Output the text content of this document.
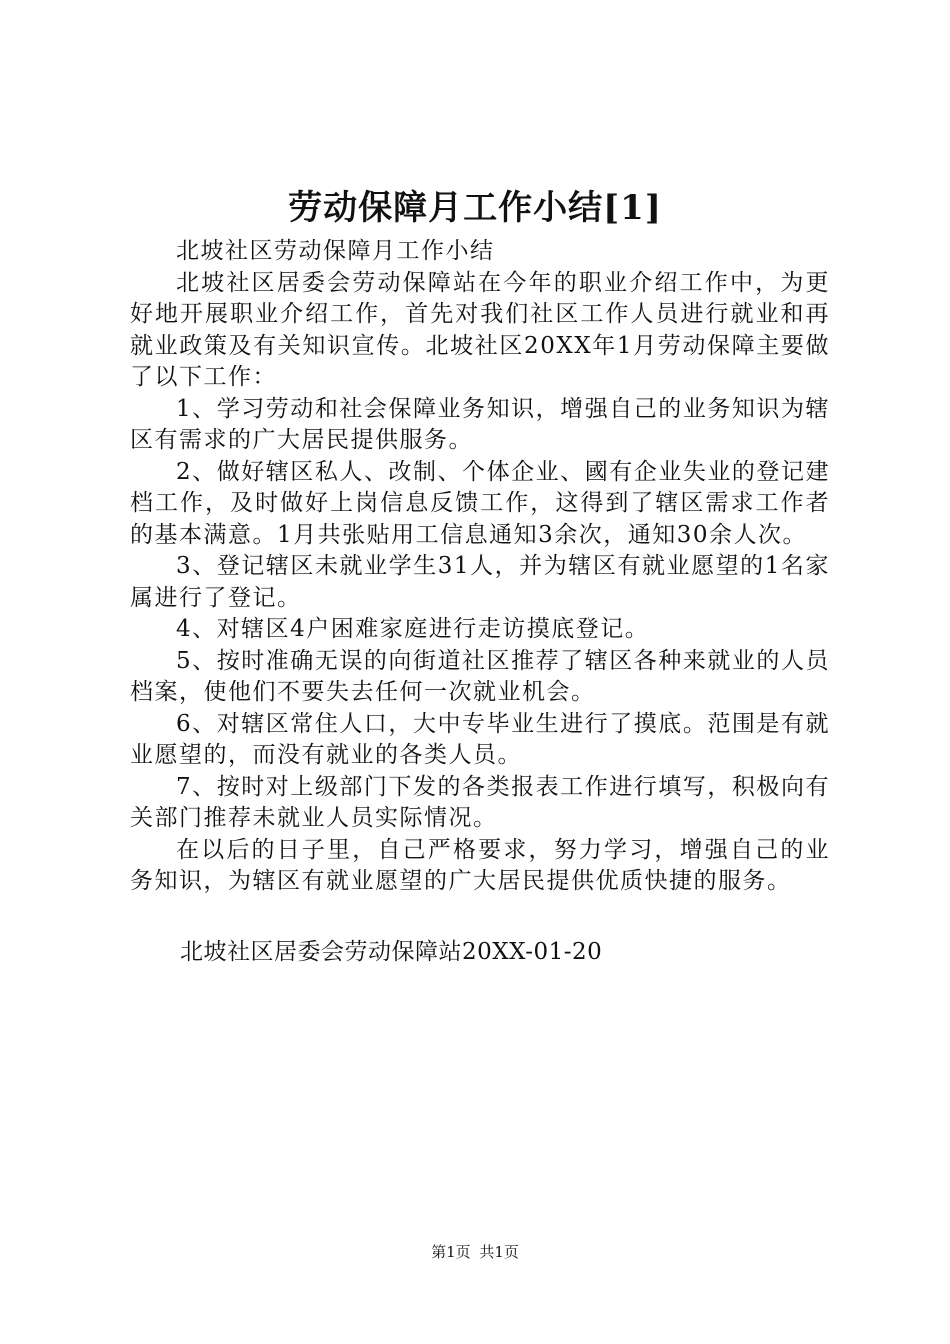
劳动保障月工作小结[1]

北坡社区劳动保障月工作小结

北坡社区居委会劳动保障站在今年的职业介绍工作中，为更好地开展职业介绍工作，首先对我们社区工作人员进行就业和再就业政策及有关知识宣传。北坡社区20XX年1月劳动保障主要做了以下工作：

1、学习劳动和社会保障业务知识，增强自己的业务知识为辖区有需求的广大居民提供服务。

2、做好辖区私人、改制、个体企业、國有企业失业的登记建档工作，及时做好上岗信息反馈工作，这得到了辖区需求工作者的基本满意。1月共张贴用工信息通知3余次，通知30余人次。

3、登记辖区未就业学生31人，并为辖区有就业愿望的1名家属进行了登记。

4、对辖区4户困难家庭进行走访摸底登记。

5、按时准确无误的向街道社区推荐了辖区各种来就业的人员档案，使他们不要失去任何一次就业机会。

6、对辖区常住人口，大中专毕业生进行了摸底。范围是有就业愿望的，而没有就业的各类人员。

7、按时对上级部门下发的各类报表工作进行填写，积极向有关部门推荐未就业人员实际情况。

在以后的日子里，自己严格要求，努力学习，增强自己的业务知识，为辖区有就业愿望的广大居民提供优质快捷的服务。

北坡社区居委会劳动保障站20XX-01-20

第1页 共1页
